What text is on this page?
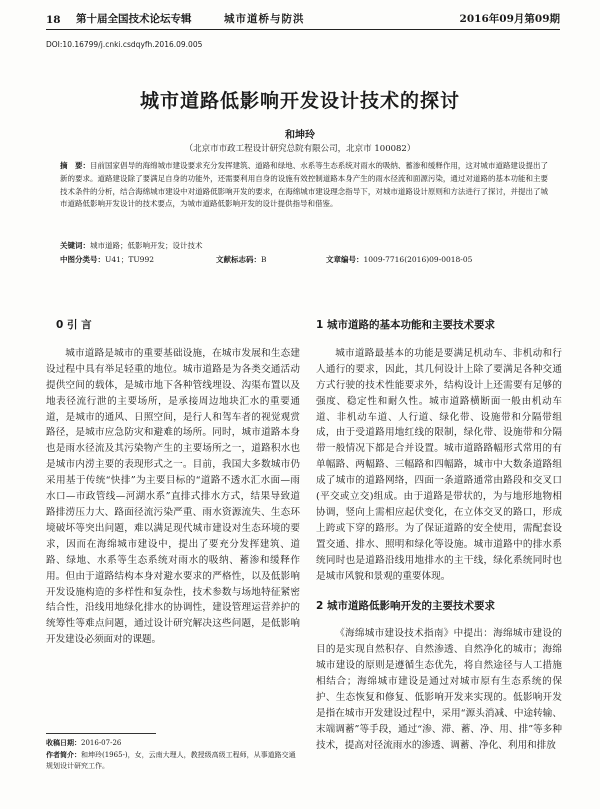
18	第十届全国技术论坛专辑	城市道桥与防洪	2016年09月第09期
DOI:10.16799/j.cnki.csdqyfh.2016.09.005
城市道路低影响开发设计技术的探讨
和坤玲
（北京市市政工程设计研究总院有限公司，北京市 100082）
摘　要：目前国家倡导的海绵城市建设要求充分发挥建筑、道路和绿地、水系等生态系统对雨水的吸纳、蓄渗和缓释作用，这对城市道路建设提出了新的要求。道路建设除了要满足自身的功能外，还需要利用自身的设施有效控制道路本身产生的雨水径流和面源污染，通过对道路的基本功能和主要技术条件的分析，结合海绵城市建设中对道路低影响开发的要求，在海绵城市建设理念指导下，对城市道路设计原则和方法进行了探讨，并提出了城市道路低影响开发设计的技术要点，为城市道路低影响开发的设计提供指导和借鉴。
关键词：城市道路；低影响开发；设计技术
中图分类号：U41；TU992	文献标志码：B	文章编号：1009-7716(2016)09-0018-05
0 引 言

城市道路是城市的重要基础设施，在城市发展和生态建设过程中具有举足轻重的地位。城市道路是为各类交通活动提供空间的载体，是城市地下各种管线埋设、沟渠布置以及地表径流行泄的主要场所，是承接周边地块汇水的重要通道，是城市的通风、日照空间，是行人和驾车者的视觉观赏路径，是城市应急防灾和避难的场所。同时，城市道路本身也是雨水径流及其污染物产生的主要场所之一，道路积水也是城市内涝主要的表现形式之一。目前，我国大多数城市仍采用基于传统“快排”为主要目标的“道路不透水汇水面—雨水口—市政管线—河湖水系”直排式排水方式，结果导致道路排涝压力大、路面径流污染严重、雨水资源流失、生态环境破坏等突出问题，难以满足现代城市建设对生态环境的要求，因而在海绵城市建设中，提出了要充分发挥建筑、道路、绿地、水系等生态系统对雨水的吸纳、蓄渗和缓释作用。但由于道路结构本身对避水要求的严格性，以及低影响开发设施构造的多样性和复杂性，技术参数与场地特征紧密结合性，沿线用地绿化排水的协调性，建设管理运营养护的统筹性等难点问题，通过设计研究解决这些问题，是低影响开发建设必须面对的课题。

1 城市道路的基本功能和主要技术要求

城市道路最基本的功能是要满足机动车、非机动和行人通行的要求，因此，其几何设计上除了要满足各种交通方式行驶的技术性能要求外，结构设计上还需要有足够的强度、稳定性和耐久性。城市道路横断面一般由机动车道、非机动车道、人行道、绿化带、设施带和分隔带组成，由于受道路用地红线的限制，绿化带、设施带和分隔带一般情况下都是合并设置。城市道路路幅形式常用的有单幅路、两幅路、三幅路和四幅路，城市中大数条道路组成了城市的道路网络，四面一条道路通常由路段和交叉口(平交或立交)组成。由于道路是带状的，为与地形地物相协调，竖向上需相应起伏变化，在立体交叉的路口，形成上跨或下穿的路形。为了保证道路的安全使用，需配套设置交通、排水、照明和绿化等设施。城市道路中的排水系统同时也是道路沿线用地排水的主干线，绿化系统同时也是城市风貌和景观的重要体现。

2 城市道路低影响开发的主要技术要求

《海绵城市建设技术指南》中提出：海绵城市建设的目的是实现自然积存、自然渗透、自然净化的城市；海绵城市建设的原则是遵循生态优先，将自然途径与人工措施相结合；海绵城市建设是通过对城市原有生态系统的保护、生态恢复和修复、低影响开发来实现的。低影响开发是指在城市开发建设过程中，采用“源头消减、中途转输、末端调蓄”等手段，通过“渗、滞、蓄、净、用、排”等多种技术，提高对径流雨水的渗透、调蓄、净化、利用和排放

收稿日期：2016-07-26
作者简介：和坤玲(1965-)，女，云南大理人，教授级高级工程师，从事道路交通规划设计研究工作。
